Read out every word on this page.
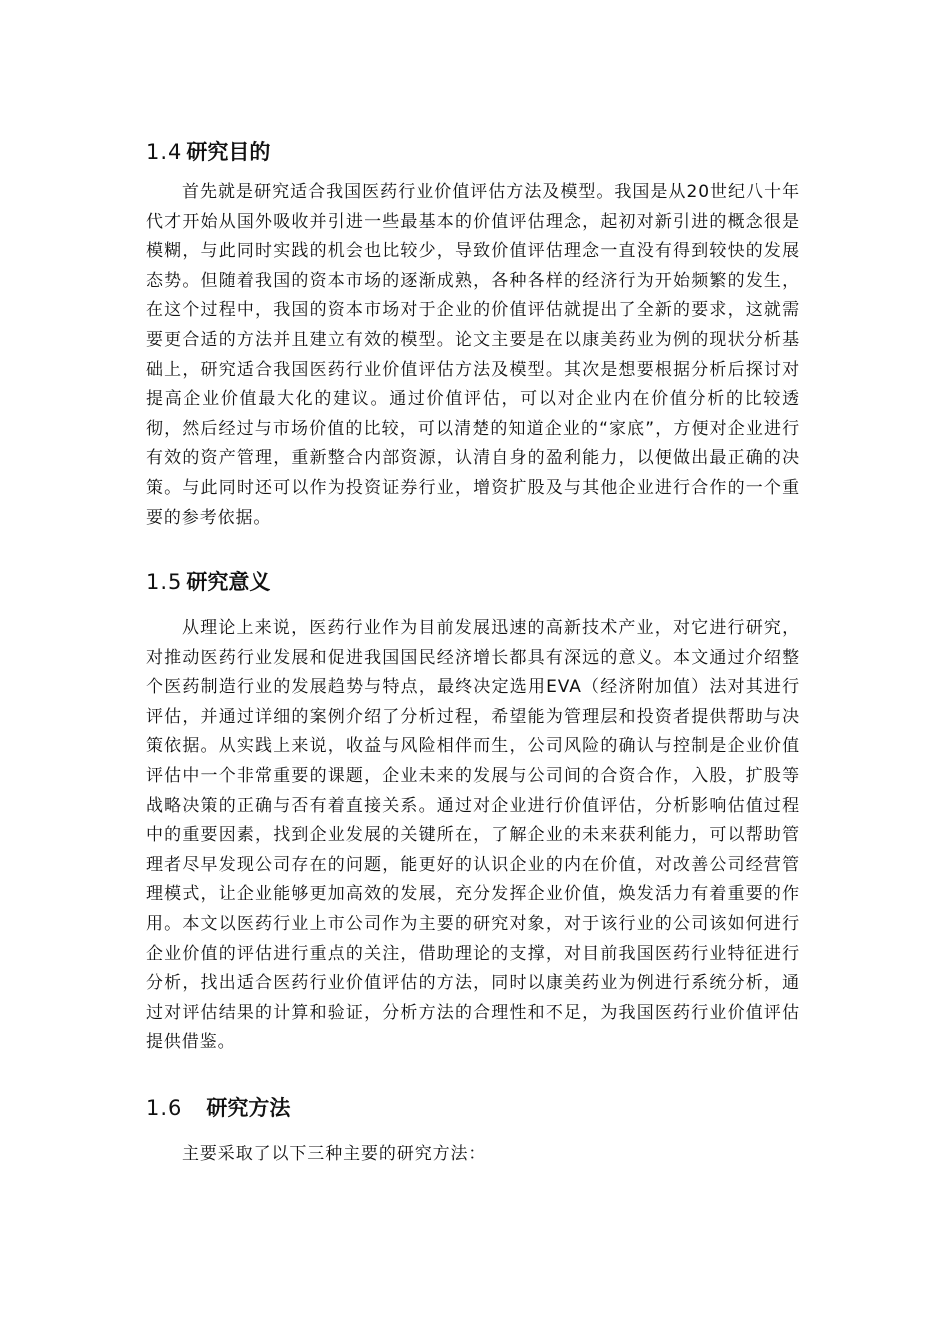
1.4 研究目的

首先就是研究适合我国医药行业价值评估方法及模型。我国是从20世纪八十年代才开始从国外吸收并引进一些最基本的价值评估理念，起初对新引进的概念很是模糊，与此同时实践的机会也比较少，导致价值评估理念一直没有得到较快的发展态势。但随着我国的资本市场的逐渐成熟，各种各样的经济行为开始频繁的发生，在这个过程中，我国的资本市场对于企业的价值评估就提出了全新的要求，这就需要更合适的方法并且建立有效的模型。论文主要是在以康美药业为例的现状分析基础上，研究适合我国医药行业价值评估方法及模型。其次是想要根据分析后探讨对提高企业价值最大化的建议。通过价值评估，可以对企业内在价值分析的比较透彻，然后经过与市场价值的比较，可以清楚的知道企业的“家底”，方便对企业进行有效的资产管理，重新整合内部资源，认清自身的盈利能力，以便做出最正确的决策。与此同时还可以作为投资证券行业，增资扩股及与其他企业进行合作的一个重要的参考依据。

1.5 研究意义

从理论上来说，医药行业作为目前发展迅速的高新技术产业，对它进行研究，对推动医药行业发展和促进我国国民经济增长都具有深远的意义。本文通过介绍整个医药制造行业的发展趋势与特点，最终决定选用EVA（经济附加值）法对其进行评估，并通过详细的案例介绍了分析过程，希望能为管理层和投资者提供帮助与决策依据。从实践上来说，收益与风险相伴而生，公司风险的确认与控制是企业价值评估中一个非常重要的课题，企业未来的发展与公司间的合资合作，入股，扩股等战略决策的正确与否有着直接关系。通过对企业进行价值评估，分析影响估值过程中的重要因素，找到企业发展的关键所在，了解企业的未来获利能力，可以帮助管理者尽早发现公司存在的问题，能更好的认识企业的内在价值，对改善公司经营管理模式，让企业能够更加高效的发展，充分发挥企业价值，焕发活力有着重要的作用。本文以医药行业上市公司作为主要的研究对象，对于该行业的公司该如何进行企业价值的评估进行重点的关注，借助理论的支撑，对目前我国医药行业特征进行分析，找出适合医药行业价值评估的方法，同时以康美药业为例进行系统分析，通过对评估结果的计算和验证，分析方法的合理性和不足，为我国医药行业价值评估提供借鉴。

1.6 研究方法

主要采取了以下三种主要的研究方法：
